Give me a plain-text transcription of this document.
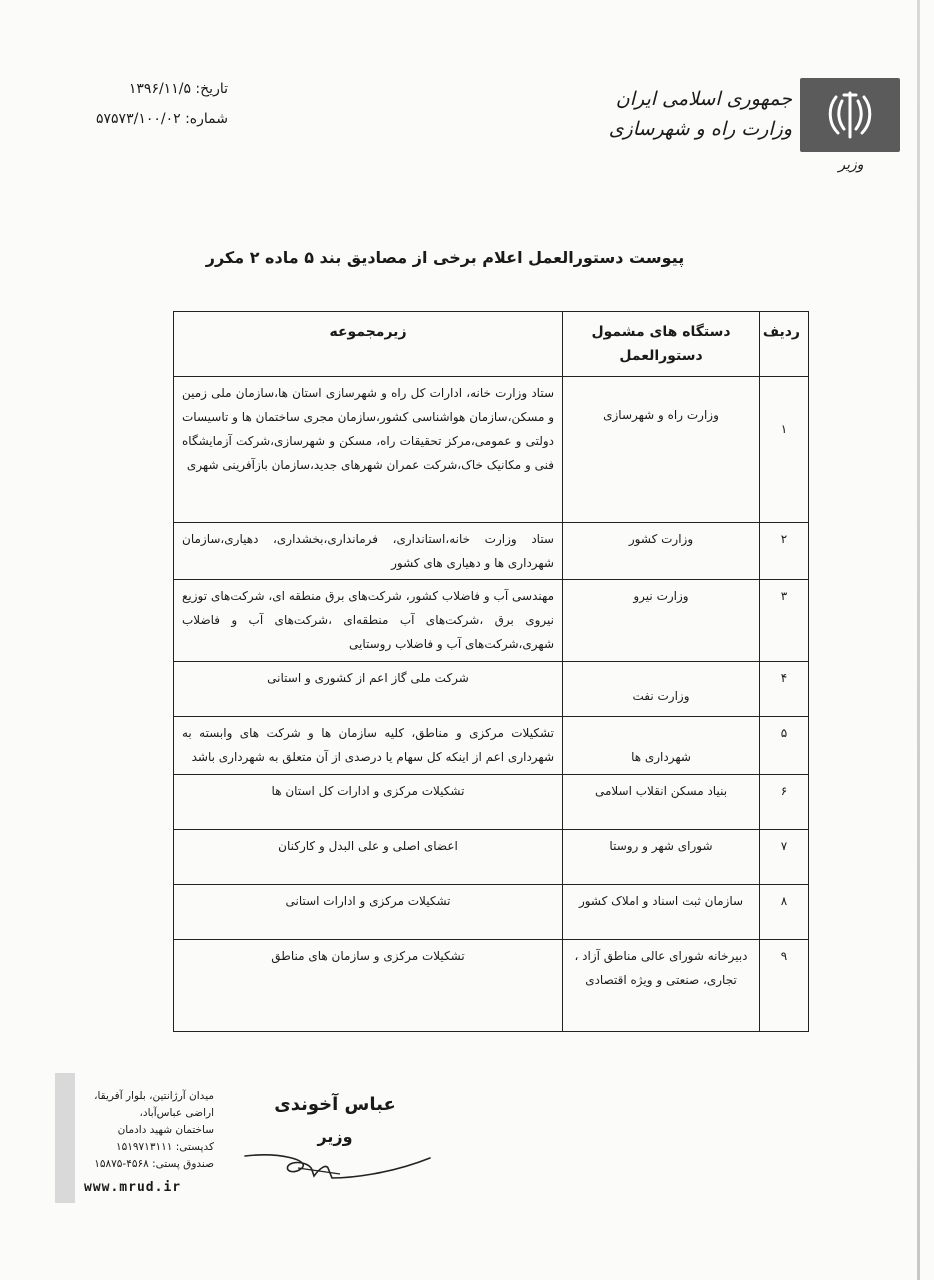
جمهوری اسلامی ایران
وزارت راه و شهرسازی
وزیر
تاریخ: ۱۳۹۶/۱۱/۵
شماره: ۵۷۵۷۳/۱۰۰/۰۲
پیوست دستورالعمل اعلام برخی از مصادیق بند ۵ ماده ۲ مکرر
ردیف	دستگاه های مشمول دستورالعمل	زیرمجموعه
۱	وزارت راه و شهرسازی	ستاد وزارت خانه، ادارات کل راه و شهرسازی استان ها،سازمان ملی زمین و مسکن،سازمان هواشناسی کشور،سازمان مجری ساختمان ها و تاسیسات دولتی و عمومی،مرکز تحقیقات راه، مسکن و شهرسازی،شرکت آزمایشگاه فنی و مکانیک خاک،شرکت عمران شهرهای جدید،سازمان بازآفرینی شهری
۲	وزارت کشور	ستاد وزارت خانه،استانداری، فرمانداری،بخشداری، دهیاری،سازمان شهرداری ها و دهیاری های کشور
۳	وزارت نیرو	مهندسی آب و فاضلاب کشور، شرکت‌های برق منطقه ای، شرکت‌های توزیع نیروی برق ،شرکت‌های آب منطقه‌ای ،شرکت‌های آب و فاضلاب شهری،شرکت‌های آب و فاضلاب روستایی
۴	وزارت نفت	شرکت ملی گاز اعم از کشوری و استانی
۵	شهرداری ها	تشکیلات مرکزی و مناطق، کلیه سازمان ها و شرکت های وابسته به شهرداری اعم از اینکه کل سهام یا درصدی از آن متعلق به شهرداری باشد
۶	بنیاد مسکن انقلاب اسلامی	تشکیلات مرکزی و ادارات کل استان ها
۷	شورای شهر و روستا	اعضای اصلی و علی البدل و کارکنان
۸	سازمان ثبت اسناد و املاک کشور	تشکیلات مرکزی و ادارات استانی
۹	دبیرخانه شورای عالی مناطق آزاد ، تجاری، صنعتی و ویژه اقتصادی	تشکیلات مرکزی و سازمان های مناطق
میدان آرژانتین، بلوار آفریقا،
اراضی عباس‌آباد،
ساختمان شهید دادمان
کدپستی: ۱۵۱۹۷۱۳۱۱۱
صندوق پستی: ۴۵۶۸-۱۵۸۷۵
www.mrud.ir
عباس آخوندی
وزیر
